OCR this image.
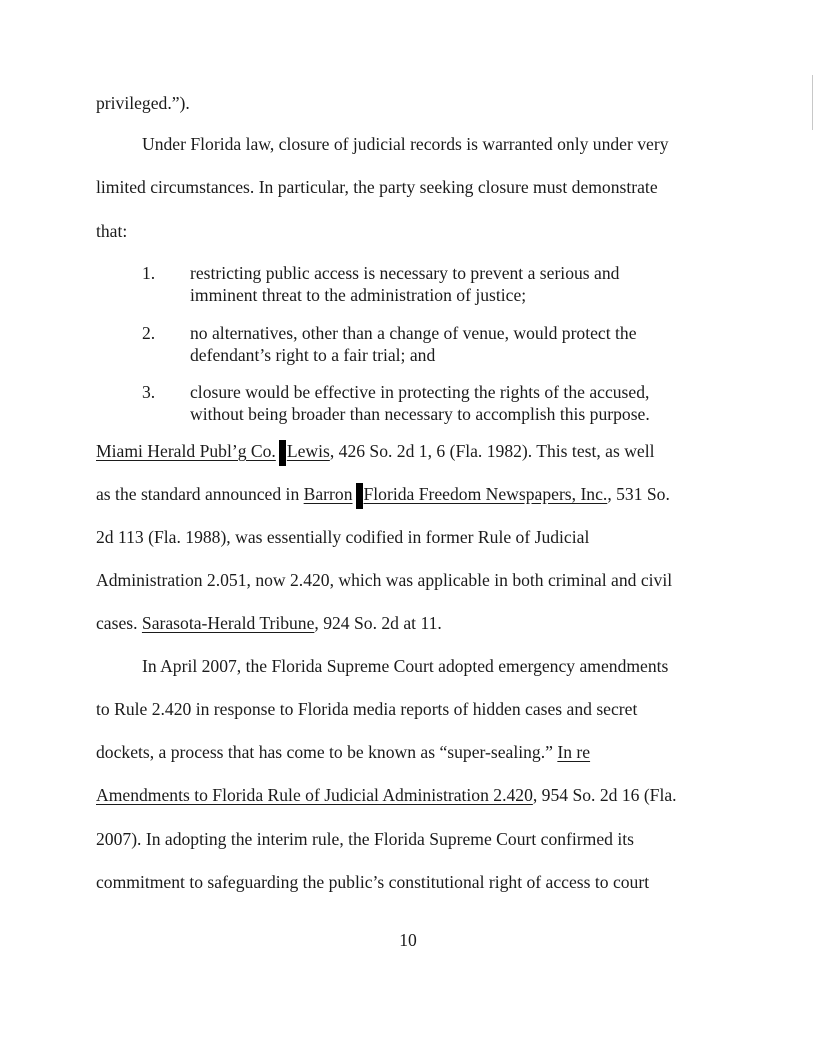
privileged.”).
Under Florida law, closure of judicial records is warranted only under very
limited circumstances. In particular, the party seeking closure must demonstrate
that:
1. restricting public access is necessary to prevent a serious and
imminent threat to the administration of justice;
2. no alternatives, other than a change of venue, would protect the
defendant’s right to a fair trial; and
3. closure would be effective in protecting the rights of the accused,
without being broader than necessary to accomplish this purpose.
Miami Herald Publ’g Co. Lewis, 426 So. 2d 1, 6 (Fla. 1982). This test, as well
as the standard announced in Barron Florida Freedom Newspapers, Inc., 531 So.
2d 113 (Fla. 1988), was essentially codified in former Rule of Judicial
Administration 2.051, now 2.420, which was applicable in both criminal and civil
cases. Sarasota-Herald Tribune, 924 So. 2d at 11.
In April 2007, the Florida Supreme Court adopted emergency amendments
to Rule 2.420 in response to Florida media reports of hidden cases and secret
dockets, a process that has come to be known as “super-sealing.” In re
Amendments to Florida Rule of Judicial Administration 2.420, 954 So. 2d 16 (Fla.
2007). In adopting the interim rule, the Florida Supreme Court confirmed its
commitment to safeguarding the public’s constitutional right of access to court
10
